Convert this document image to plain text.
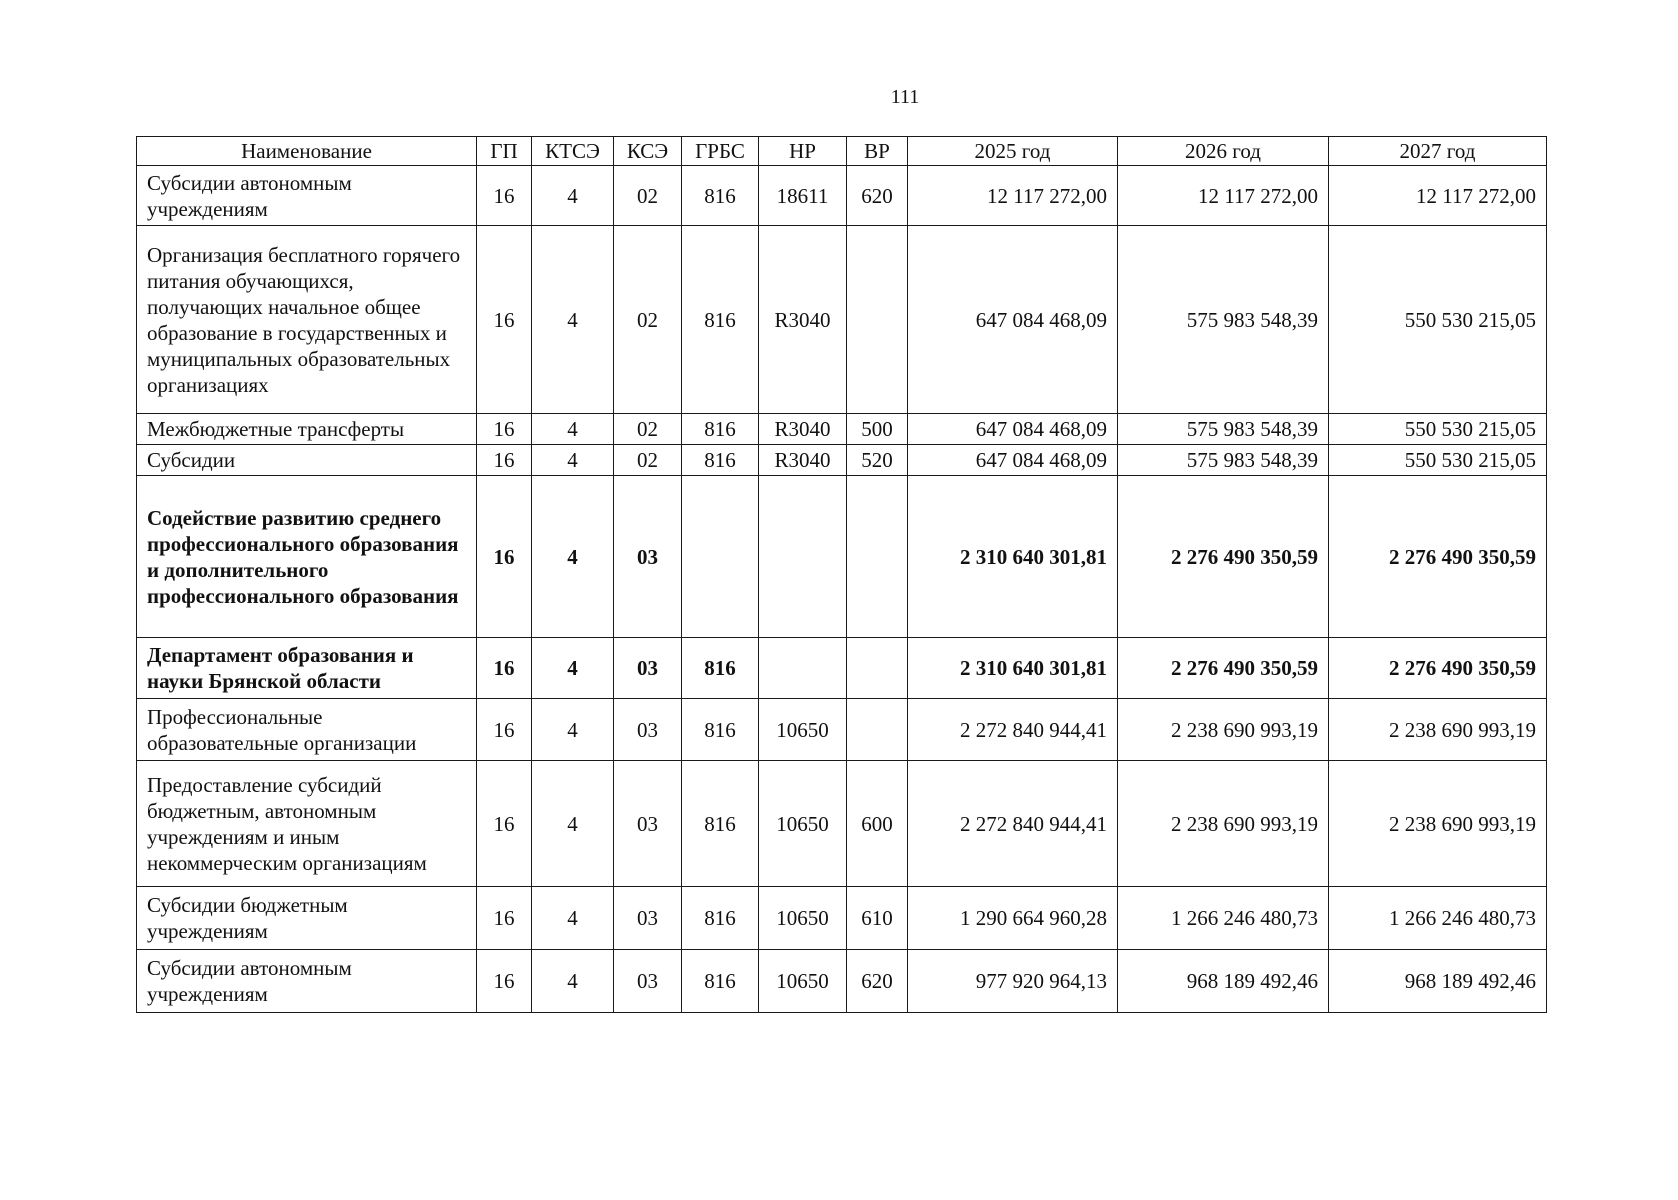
111
Наименование	ГП	КТСЭ	КСЭ	ГРБС	НР	ВР	2025 год	2026 год	2027 год
Субсидии автономным учреждениям	16	4	02	816	18611	620	12 117 272,00	12 117 272,00	12 117 272,00
Организация бесплатного горячего питания обучающихся, получающих начальное общее образование в государственных и муниципальных образовательных организациях	16	4	02	816	R3040		647 084 468,09	575 983 548,39	550 530 215,05
Межбюджетные трансферты	16	4	02	816	R3040	500	647 084 468,09	575 983 548,39	550 530 215,05
Субсидии	16	4	02	816	R3040	520	647 084 468,09	575 983 548,39	550 530 215,05
Содействие развитию среднего профессионального образования и дополнительного профессионального образования	16	4	03				2 310 640 301,81	2 276 490 350,59	2 276 490 350,59
Департамент образования и науки Брянской области	16	4	03	816			2 310 640 301,81	2 276 490 350,59	2 276 490 350,59
Профессиональные образовательные организации	16	4	03	816	10650		2 272 840 944,41	2 238 690 993,19	2 238 690 993,19
Предоставление субсидий бюджетным, автономным учреждениям и иным некоммерческим организациям	16	4	03	816	10650	600	2 272 840 944,41	2 238 690 993,19	2 238 690 993,19
Субсидии бюджетным учреждениям	16	4	03	816	10650	610	1 290 664 960,28	1 266 246 480,73	1 266 246 480,73
Субсидии автономным учреждениям	16	4	03	816	10650	620	977 920 964,13	968 189 492,46	968 189 492,46
